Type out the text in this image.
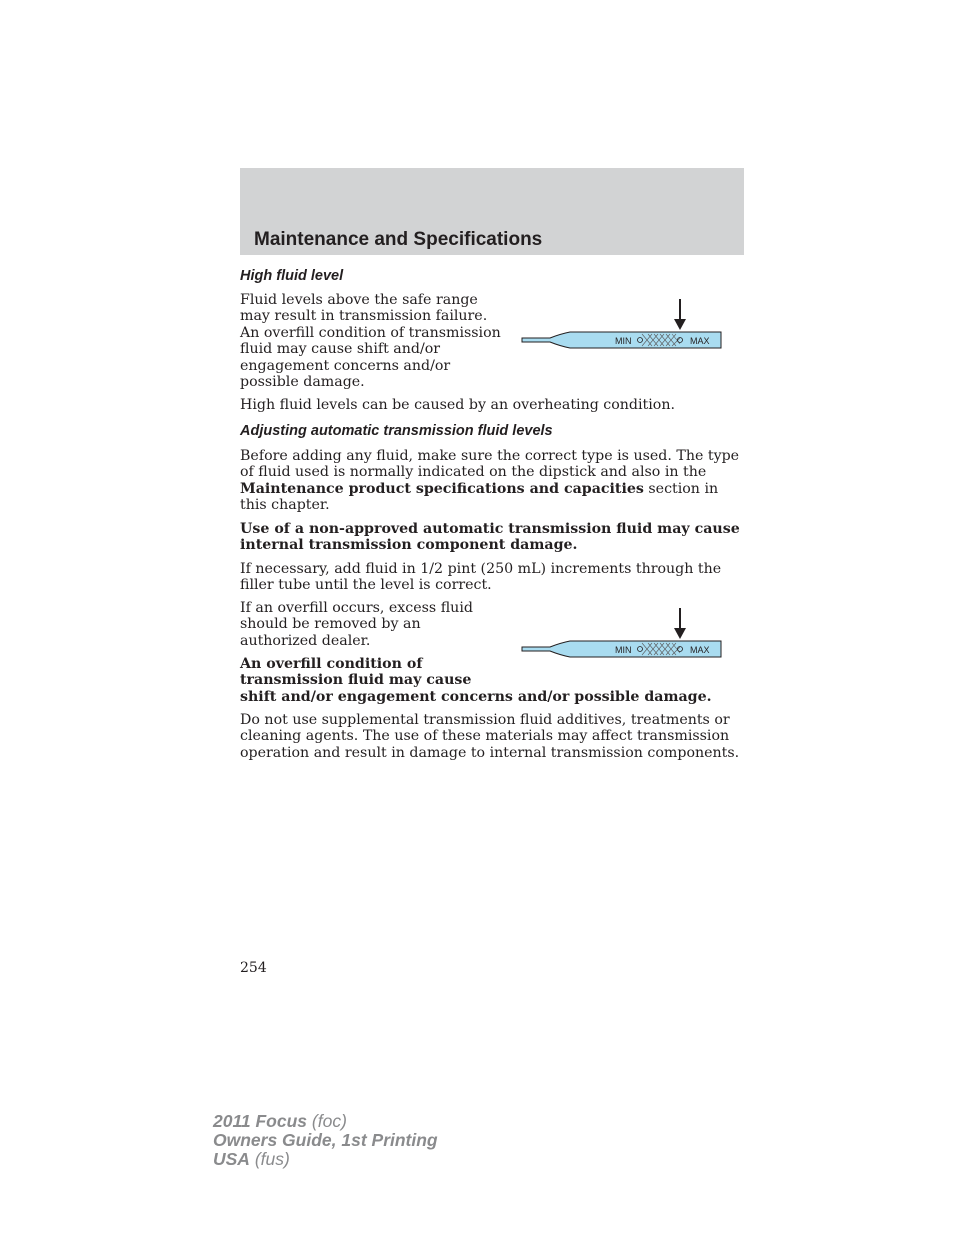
Maintenance and Specifications
High fluid level

Fluid levels above the safe range may result in transmission failure. An overfill condition of transmission fluid may cause shift and/or engagement concerns and/or possible damage.

MIN	MAX

High fluid levels can be caused by an overheating condition.

Adjusting automatic transmission fluid levels

Before adding any fluid, make sure the correct type is used. The type of fluid used is normally indicated on the dipstick and also in the Maintenance product specifications and capacities section in this chapter.

Use of a non-approved automatic transmission fluid may cause internal transmission component damage.

If necessary, add fluid in 1/2 pint (250 mL) increments through the filler tube until the level is correct.

If an overfill occurs, excess fluid should be removed by an authorized dealer.

MIN	MAX

An overfill condition of
transmission fluid may cause
shift and/or engagement concerns and/or possible damage.

Do not use supplemental transmission fluid additives, treatments or cleaning agents. The use of these materials may affect transmission operation and result in damage to internal transmission components.

254
2011 Focus (foc)
Owners Guide, 1st Printing
USA (fus)
